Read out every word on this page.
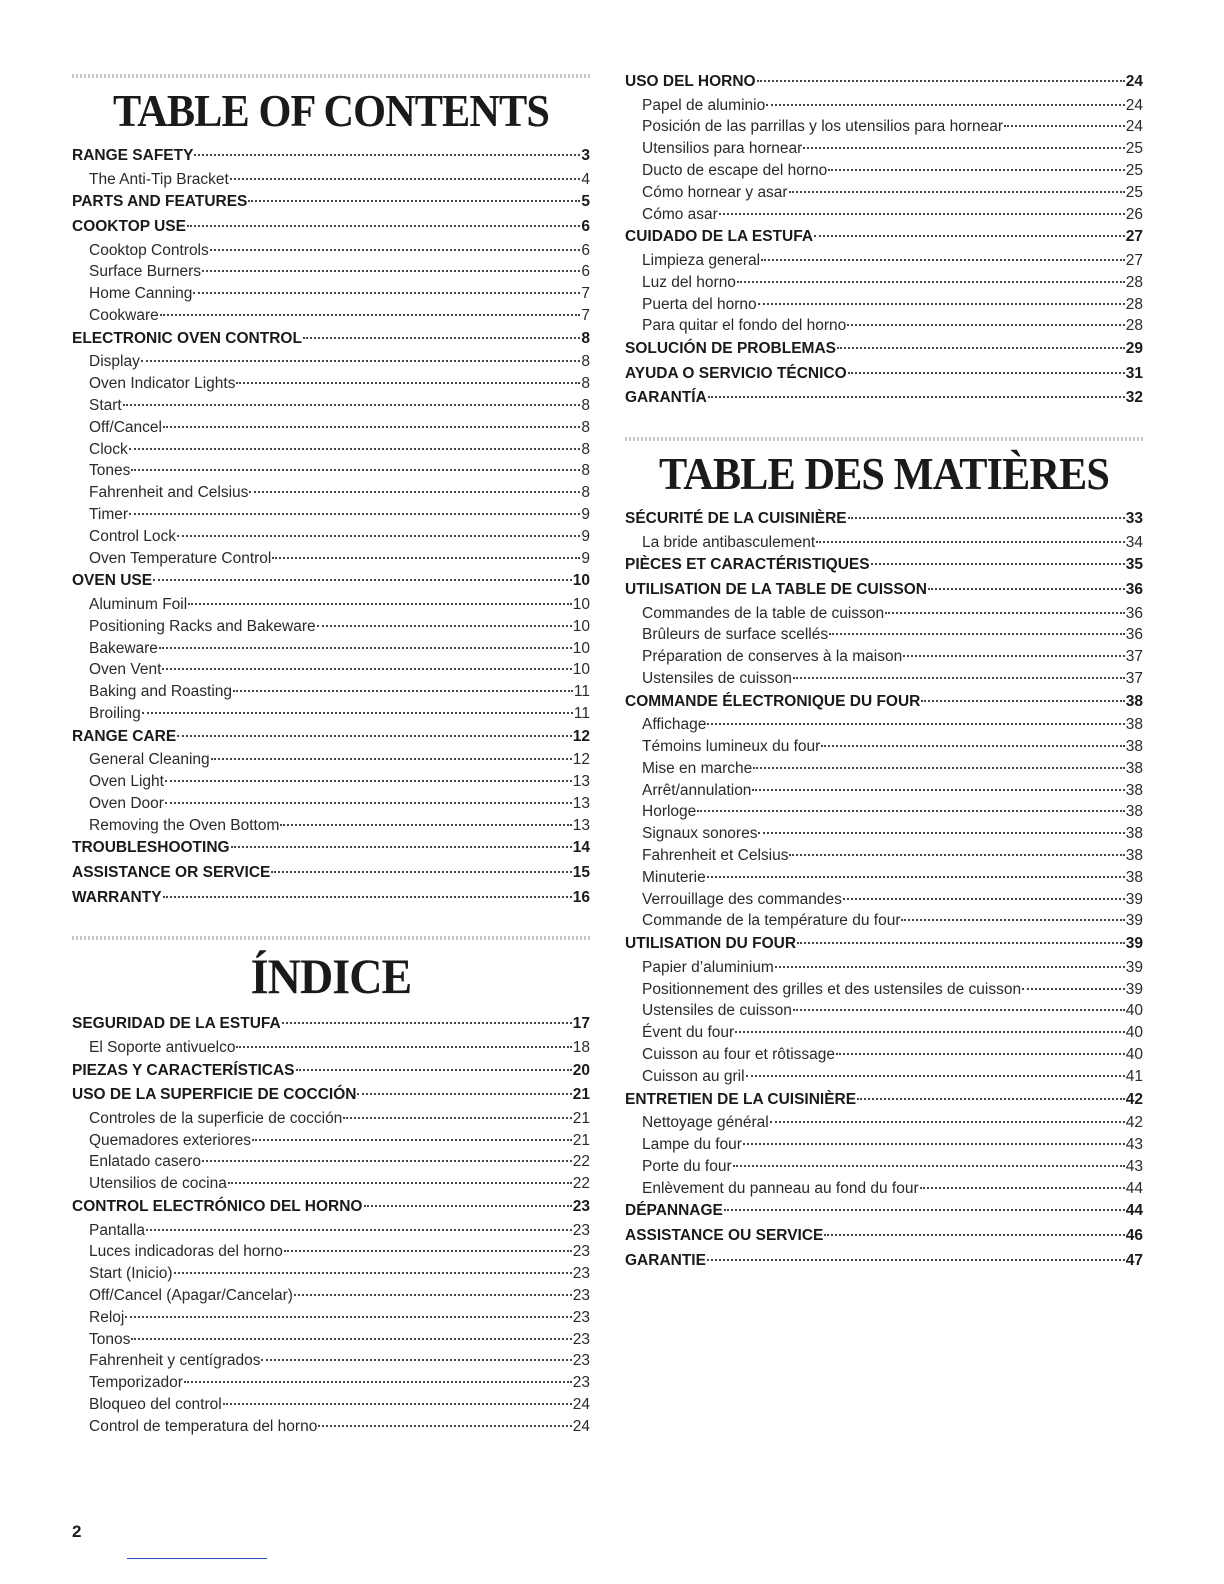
TABLE OF CONTENTS
RANGE SAFETY	3
The Anti-Tip Bracket	4
PARTS AND FEATURES	5
COOKTOP USE	6
Cooktop Controls	6
Surface Burners	6
Home Canning	7
Cookware	7
ELECTRONIC OVEN CONTROL	8
Display	8
Oven Indicator Lights	8
Start	8
Off/Cancel	8
Clock	8
Tones	8
Fahrenheit and Celsius	8
Timer	9
Control Lock	9
Oven Temperature Control	9
OVEN USE	10
Aluminum Foil	10
Positioning Racks and Bakeware	10
Bakeware	10
Oven Vent	10
Baking and Roasting	11
Broiling	11
RANGE CARE	12
General Cleaning	12
Oven Light	13
Oven Door	13
Removing the Oven Bottom	13
TROUBLESHOOTING	14
ASSISTANCE OR SERVICE	15
WARRANTY	16
ÍNDICE
SEGURIDAD DE LA ESTUFA	17
El Soporte antivuelco	18
PIEZAS Y CARACTERÍSTICAS	20
USO DE LA SUPERFICIE DE COCCIÓN	21
Controles de la superficie de cocción	21
Quemadores exteriores	21
Enlatado casero	22
Utensilios de cocina	22
CONTROL ELECTRÓNICO DEL HORNO	23
Pantalla	23
Luces indicadoras del horno	23
Start (Inicio)	23
Off/Cancel (Apagar/Cancelar)	23
Reloj	23
Tonos	23
Fahrenheit y centígrados	23
Temporizador	23
Bloqueo del control	24
Control de temperatura del horno	24
USO DEL HORNO	24
Papel de aluminio	24
Posición de las parrillas y los utensilios para hornear	24
Utensilios para hornear	25
Ducto de escape del horno	25
Cómo hornear y asar	25
Cómo asar	26
CUIDADO DE LA ESTUFA	27
Limpieza general	27
Luz del horno	28
Puerta del horno	28
Para quitar el fondo del horno	28
SOLUCIÓN DE PROBLEMAS	29
AYUDA O SERVICIO TÉCNICO	31
GARANTÍA	32
TABLE DES MATIÈRES
SÉCURITÉ DE LA CUISINIÈRE	33
La bride antibasculement	34
PIÈCES ET CARACTÉRISTIQUES	35
UTILISATION DE LA TABLE DE CUISSON	36
Commandes de la table de cuisson	36
Brûleurs de surface scellés	36
Préparation de conserves à la maison	37
Ustensiles de cuisson	37
COMMANDE ÉLECTRONIQUE DU FOUR	38
Affichage	38
Témoins lumineux du four	38
Mise en marche	38
Arrêt/annulation	38
Horloge	38
Signaux sonores	38
Fahrenheit et Celsius	38
Minuterie	38
Verrouillage des commandes	39
Commande de la température du four	39
UTILISATION DU FOUR	39
Papier d’aluminium	39
Positionnement des grilles et des ustensiles de cuisson	39
Ustensiles de cuisson	40
Évent du four	40
Cuisson au four et rôtissage	40
Cuisson au gril	41
ENTRETIEN DE LA CUISINIÈRE	42
Nettoyage général	42
Lampe du four	43
Porte du four	43
Enlèvement du panneau au fond du four	44
DÉPANNAGE	44
ASSISTANCE OU SERVICE	46
GARANTIE	47
2
